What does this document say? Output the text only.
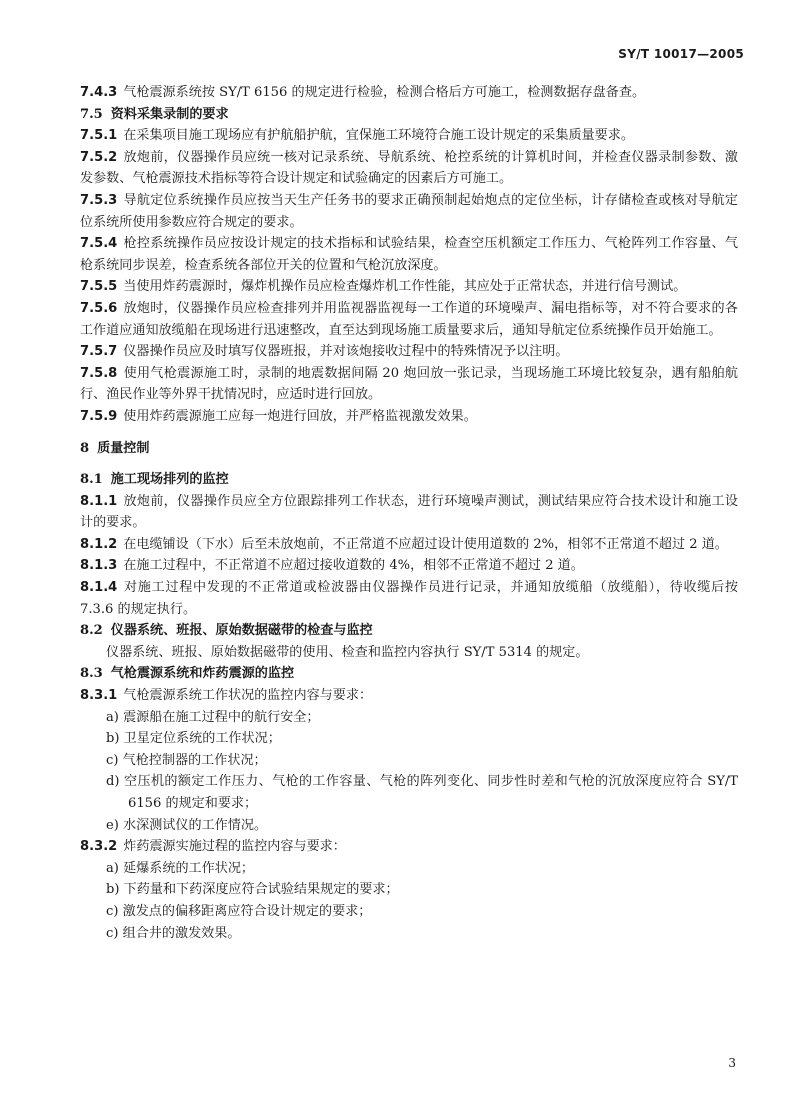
SY/T 10017—2005
7.4.3 气枪震源系统按 SY/T 6156 的规定进行检验，检测合格后方可施工，检测数据存盘备查。
7.5 资料采集录制的要求
7.5.1 在采集项目施工现场应有护航船护航，宜保施工环境符合施工设计规定的采集质量要求。
7.5.2 放炮前，仪器操作员应统一核对记录系统、导航系统、枪控系统的计算机时间，并检查仪器录制参数、激发参数、气枪震源技术指标等符合设计规定和试验确定的因素后方可施工。
7.5.3 导航定位系统操作员应按当天生产任务书的要求正确预制起始炮点的定位坐标，计存储检查或核对导航定位系统所使用参数应符合规定的要求。
7.5.4 枪控系统操作员应按设计规定的技术指标和试验结果，检查空压机额定工作压力、气枪阵列工作容量、气枪系统同步误差，检查系统各部位开关的位置和气枪沉放深度。
7.5.5 当使用炸药震源时，爆炸机操作员应检查爆炸机工作性能，其应处于正常状态，并进行信号测试。
7.5.6 放炮时，仪器操作员应检查排列并用监视器监视每一工作道的环境噪声、漏电指标等，对不符合要求的各工作道应通知放缆船在现场进行迅速整改，直至达到现场施工质量要求后，通知导航定位系统操作员开始施工。
7.5.7 仪器操作员应及时填写仪器班报，并对该炮接收过程中的特殊情况予以注明。
7.5.8 使用气枪震源施工时，录制的地震数据间隔 20 炮回放一张记录，当现场施工环境比较复杂，遇有船舶航行、渔民作业等外界干扰情况时，应适时进行回放。
7.5.9 使用炸药震源施工应每一炮进行回放，并严格监视激发效果。
8 质量控制
8.1 施工现场排列的监控
8.1.1 放炮前，仪器操作员应全方位跟踪排列工作状态，进行环境噪声测试，测试结果应符合技术设计和施工设计的要求。
8.1.2 在电缆铺设（下水）后至未放炮前，不正常道不应超过设计使用道数的 2%，相邻不正常道不超过 2 道。
8.1.3 在施工过程中，不正常道不应超过接收道数的 4%，相邻不正常道不超过 2 道。
8.1.4 对施工过程中发现的不正常道或检波器由仪器操作员进行记录，并通知放缆船（放缆船），待收缆后按 7.3.6 的规定执行。
8.2 仪器系统、班报、原始数据磁带的检查与监控
仪器系统、班报、原始数据磁带的使用、检查和监控内容执行 SY/T 5314 的规定。
8.3 气枪震源系统和炸药震源的监控
8.3.1 气枪震源系统工作状况的监控内容与要求：
a) 震源船在施工过程中的航行安全；
b) 卫星定位系统的工作状况；
c) 气枪控制器的工作状况；
d) 空压机的额定工作压力、气枪的工作容量、气枪的阵列变化、同步性时差和气枪的沉放深度应符合 SY/T 6156 的规定和要求；
e) 水深测试仪的工作情况。
8.3.2 炸药震源实施过程的监控内容与要求：
a) 延爆系统的工作状况；
b) 下药量和下药深度应符合试验结果规定的要求；
c) 激发点的偏移距离应符合设计规定的要求；
c) 组合井的激发效果。
3
